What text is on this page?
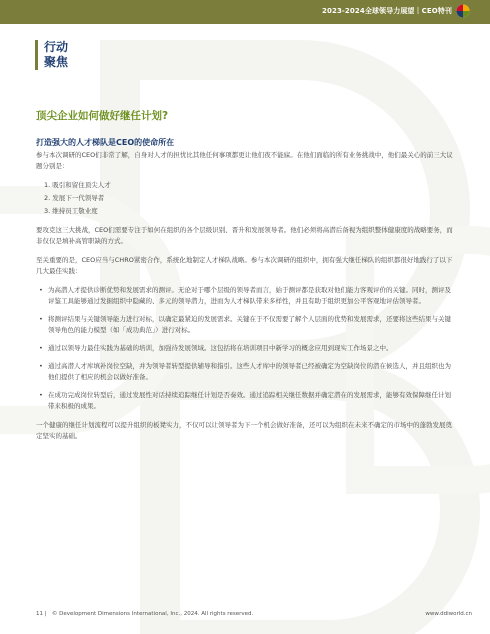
2023-2024全球领导力展望｜CEO特刊
行动
聚焦
顶尖企业如何做好继任计划?
打造强大的人才梯队是CEO的使命所在

参与本次调研的CEO们非常了解，自身对人才的担忧比其他任何事项都更让他们夜不能寐。在他们面临的所有业务挑战中，他们最关心的前三大议题分别是：

1. 吸引和留住顶尖人才
2. 发展下一代领导者
3. 维持员工敬业度

要攻克这三大挑战，CEO们需要专注于如何在组织的各个层级识别、晋升和发展领导者。他们必须将高潜后备视为组织整体健康度的战略要务，而非仅仅是填补高管职缺的方式。

至关重要的是，CEO应当与CHRO紧密合作，系统化地制定人才梯队战略。参与本次调研的组织中，拥有强大继任梯队的组织都很好地践行了以下几大最佳实践：

• 为高潜人才提供诊断优势和发展需求的测评。无论对于哪个层级的领导者而言，始于测评都是获取对他们能力客观评价的关键。同时，测评及评鉴工具能够通过发掘组织中隐藏的、多元的领导潜力，进而为人才梯队带来多样性，并且有助于组织更加公平客观地评估领导者。
• 将测评结果与关键领导能力进行对标，以确定最紧迫的发展需求。关键在于不仅需要了解个人层面的优势和发展需求，还要将这些结果与关键领导角色的能力模型（如「成功典范」）进行对标。
• 通过以领导力最佳实践为基础的培训，加强待发展领域。这包括将在培训项目中新学习的概念应用到现实工作场景之中。
• 通过高潜人才库填补岗位空缺，并为领导者转型提供辅导和指引。这些人才库中的领导者已经被确定为空缺岗位的潜在候选人，并且组织也为他们提供了相应的机会以做好准备。
• 在成功完成岗位转型后，通过发展性对话持续追踪继任计划是否奏效。通过追踪相关继任数据并确定潜在的发展需求，能够有效保障继任计划带来积极的成果。

一个健康的继任计划流程可以提升组织的板凳实力，不仅可以让领导者为下一个机会做好准备，还可以为组织在未来不确定的市场中的蓬勃发展奠定坚实的基础。

11 | © Development Dimensions International, Inc., 2024. All rights reserved.	www.ddiworld.cn
